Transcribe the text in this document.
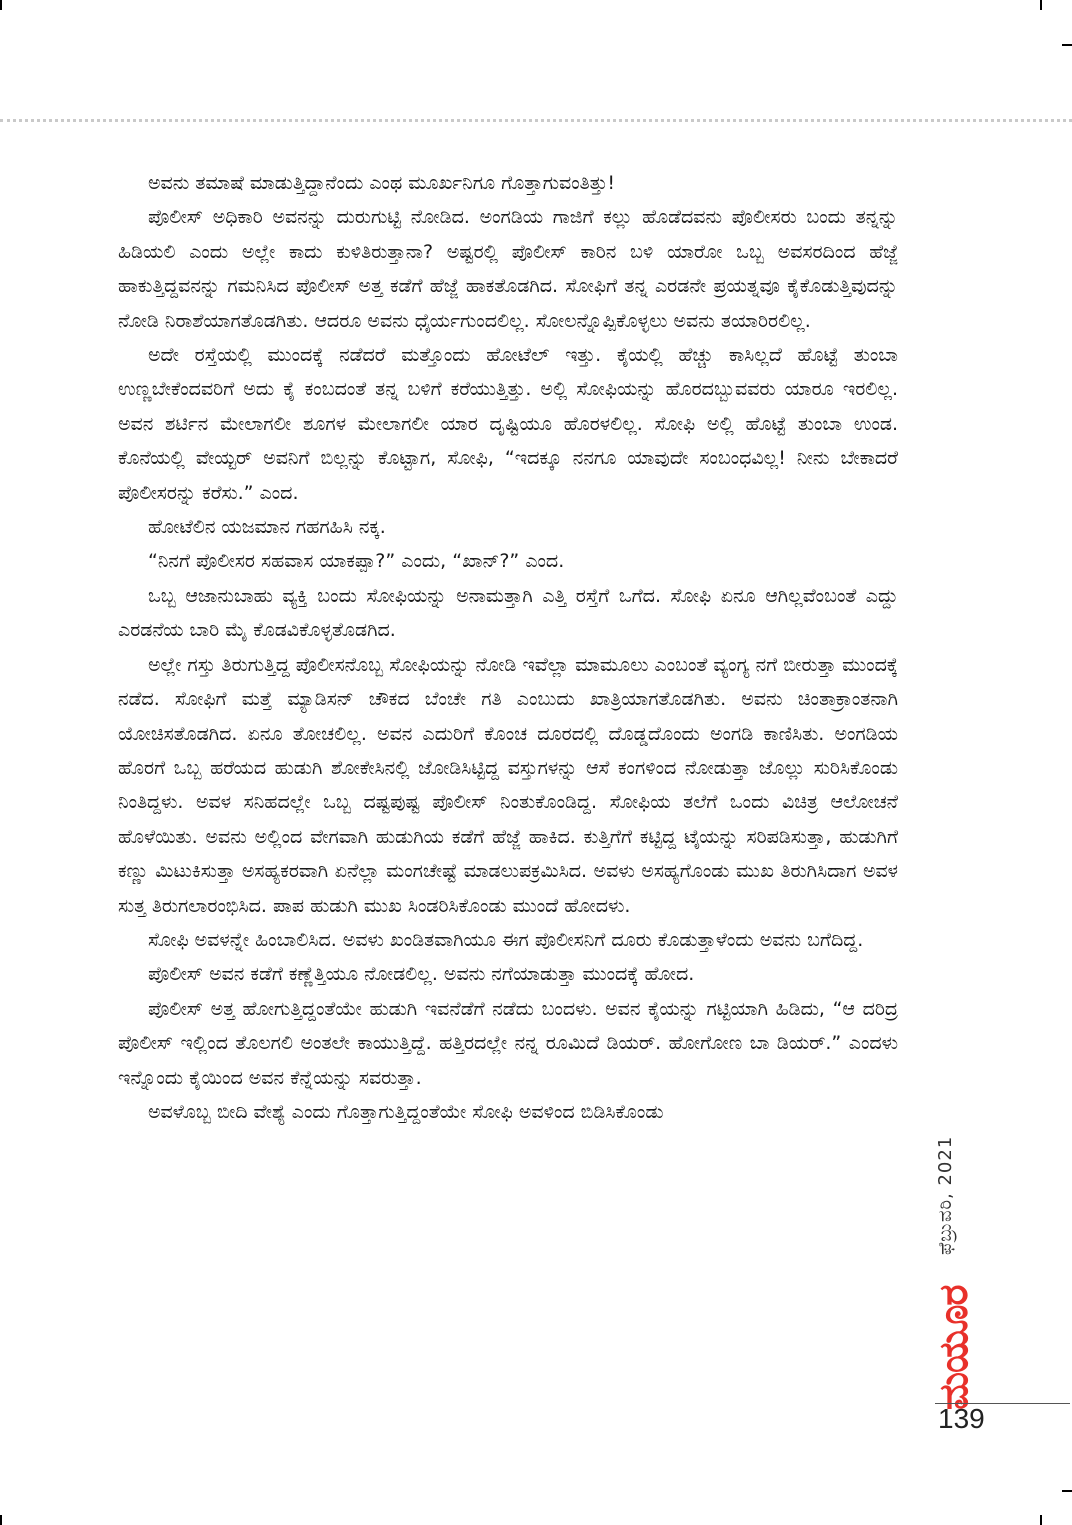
ಅವನು ತಮಾಷೆ ಮಾಡುತ್ತಿದ್ದಾನೆಂದು ಎಂಥ ಮೂರ್ಖನಿಗೂ ಗೊತ್ತಾಗುವಂತಿತ್ತು!

ಪೊಲೀಸ್ ಅಧಿಕಾರಿ ಅವನನ್ನು ದುರುಗುಟ್ಟಿ ನೋಡಿದ. ಅಂಗಡಿಯ ಗಾಜಿಗೆ ಕಲ್ಲು ಹೊಡೆದವನು ಪೊಲೀಸರು ಬಂದು ತನ್ನನ್ನು ಹಿಡಿಯಲಿ ಎಂದು ಅಲ್ಲೇ ಕಾದು ಕುಳಿತಿರುತ್ತಾನಾ? ಅಷ್ಟರಲ್ಲಿ ಪೊಲೀಸ್ ಕಾರಿನ ಬಳಿ ಯಾರೋ ಒಬ್ಬ ಅವಸರದಿಂದ ಹೆಜ್ಜೆ ಹಾಕುತ್ತಿದ್ದವನನ್ನು ಗಮನಿಸಿದ ಪೊಲೀಸ್ ಅತ್ತ ಕಡೆಗೆ ಹೆಜ್ಜೆ ಹಾಕತೊಡಗಿದ. ಸೋಫಿಗೆ ತನ್ನ ಎರಡನೇ ಪ್ರಯತ್ನವೂ ಕೈಕೊಡುತ್ತಿವುದನ್ನು ನೋಡಿ ನಿರಾಶೆಯಾಗತೊಡಗಿತು. ಆದರೂ ಅವನು ಧೈರ್ಯಗುಂದಲಿಲ್ಲ. ಸೋಲನ್ನೊಪ್ಪಿಕೊಳ್ಳಲು ಅವನು ತಯಾರಿರಲಿಲ್ಲ.

ಅದೇ ರಸ್ತೆಯಲ್ಲಿ ಮುಂದಕ್ಕೆ ನಡೆದರೆ ಮತ್ತೊಂದು ಹೋಟೆಲ್ ಇತ್ತು. ಕೈಯಲ್ಲಿ ಹೆಚ್ಚು ಕಾಸಿಲ್ಲದೆ ಹೊಟ್ಟೆ ತುಂಬಾ ಉಣ್ಣಬೇಕೆಂದವರಿಗೆ ಅದು ಕೈ ಕಂಬದಂತೆ ತನ್ನ ಬಳಿಗೆ ಕರೆಯುತ್ತಿತ್ತು. ಅಲ್ಲಿ ಸೋಫಿಯನ್ನು ಹೊರದಬ್ಬುವವರು ಯಾರೂ ಇರಲಿಲ್ಲ. ಅವನ ಶರ್ಟಿನ ಮೇಲಾಗಲೀ ಶೂಗಳ ಮೇಲಾಗಲೀ ಯಾರ ದೃಷ್ಟಿಯೂ ಹೊರಳಲಿಲ್ಲ. ಸೋಫಿ ಅಲ್ಲಿ ಹೊಟ್ಟೆ ತುಂಬಾ ಉಂಡ. ಕೊನೆಯಲ್ಲಿ ವೇಯ್ಟರ್ ಅವನಿಗೆ ಬಿಲ್ಲನ್ನು ಕೊಟ್ಟಾಗ, ಸೋಫಿ, “ಇದಕ್ಕೂ ನನಗೂ ಯಾವುದೇ ಸಂಬಂಧವಿಲ್ಲ! ನೀನು ಬೇಕಾದರೆ ಪೊಲೀಸರನ್ನು ಕರೆಸು.” ಎಂದ.

ಹೋಟೆಲಿನ ಯಜಮಾನ ಗಹಗಹಿಸಿ ನಕ್ಕ.

“ನಿನಗೆ ಪೊಲೀಸರ ಸಹವಾಸ ಯಾಕಪ್ಪಾ?” ಎಂದು, “ಖಾನ್?” ಎಂದ.

ಒಬ್ಬ ಆಜಾನುಬಾಹು ವ್ಯಕ್ತಿ ಬಂದು ಸೋಫಿಯನ್ನು ಅನಾಮತ್ತಾಗಿ ಎತ್ತಿ ರಸ್ತೆಗೆ ಒಗೆದ. ಸೋಫಿ ಏನೂ ಆಗಿಲ್ಲವೆಂಬಂತೆ ಎದ್ದು ಎರಡನೆಯ ಬಾರಿ ಮೈ ಕೊಡವಿಕೊಳ್ಳತೊಡಗಿದ.

ಅಲ್ಲೇ ಗಸ್ತು ತಿರುಗುತ್ತಿದ್ದ ಪೊಲೀಸನೊಬ್ಬ ಸೋಫಿಯನ್ನು ನೋಡಿ ಇವೆಲ್ಲಾ ಮಾಮೂಲು ಎಂಬಂತೆ ವ್ಯಂಗ್ಯ ನಗೆ ಬೀರುತ್ತಾ ಮುಂದಕ್ಕೆ ನಡೆದ. ಸೋಫಿಗೆ ಮತ್ತೆ ಮ್ಯಾಡಿಸನ್ ಚೌಕದ ಬೆಂಚೇ ಗತಿ ಎಂಬುದು ಖಾತ್ರಿಯಾಗತೊಡಗಿತು. ಅವನು ಚಿಂತಾಕ್ರಾಂತನಾಗಿ ಯೋಚಿಸತೊಡಗಿದ. ಏನೂ ತೋಚಲಿಲ್ಲ. ಅವನ ಎದುರಿಗೆ ಕೊಂಚ ದೂರದಲ್ಲಿ ದೊಡ್ಡದೊಂದು ಅಂಗಡಿ ಕಾಣಿಸಿತು. ಅಂಗಡಿಯ ಹೊರಗೆ ಒಬ್ಬ ಹರೆಯದ ಹುಡುಗಿ ಶೋಕೇಸಿನಲ್ಲಿ ಜೋಡಿಸಿಟ್ಟಿದ್ದ ವಸ್ತುಗಳನ್ನು ಆಸೆ ಕಂಗಳಿಂದ ನೋಡುತ್ತಾ ಜೊಲ್ಲು ಸುರಿಸಿಕೊಂಡು ನಿಂತಿದ್ದಳು. ಅವಳ ಸನಿಹದಲ್ಲೇ ಒಬ್ಬ ದಷ್ಟಪುಷ್ಟ ಪೊಲೀಸ್ ನಿಂತುಕೊಂಡಿದ್ದ. ಸೋಫಿಯ ತಲೆಗೆ ಒಂದು ವಿಚಿತ್ರ ಆಲೋಚನೆ ಹೊಳೆಯಿತು. ಅವನು ಅಲ್ಲಿಂದ ವೇಗವಾಗಿ ಹುಡುಗಿಯ ಕಡೆಗೆ ಹೆಜ್ಜೆ ಹಾಕಿದ. ಕುತ್ತಿಗೆಗೆ ಕಟ್ಟಿದ್ದ ಟೈಯನ್ನು ಸರಿಪಡಿಸುತ್ತಾ, ಹುಡುಗಿಗೆ ಕಣ್ಣು ಮಿಟುಕಿಸುತ್ತಾ ಅಸಹ್ಯಕರವಾಗಿ ಏನೆಲ್ಲಾ ಮಂಗಚೇಷ್ಟೆ ಮಾಡಲುಪಕ್ರಮಿಸಿದ. ಅವಳು ಅಸಹ್ಯಗೊಂಡು ಮುಖ ತಿರುಗಿಸಿದಾಗ ಅವಳ ಸುತ್ತ ತಿರುಗಲಾರಂಭಿಸಿದ. ಪಾಪ ಹುಡುಗಿ ಮುಖ ಸಿಂಡರಿಸಿಕೊಂಡು ಮುಂದೆ ಹೋದಳು.

ಸೋಫಿ ಅವಳನ್ನೇ ಹಿಂಬಾಲಿಸಿದ. ಅವಳು ಖಂಡಿತವಾಗಿಯೂ ಈಗ ಪೊಲೀಸನಿಗೆ ದೂರು ಕೊಡುತ್ತಾಳೆಂದು ಅವನು ಬಗೆದಿದ್ದ.

ಪೊಲೀಸ್ ಅವನ ಕಡೆಗೆ ಕಣ್ಣೆತ್ತಿಯೂ ನೋಡಲಿಲ್ಲ. ಅವನು ನಗೆಯಾಡುತ್ತಾ ಮುಂದಕ್ಕೆ ಹೋದ.

ಪೊಲೀಸ್ ಅತ್ತ ಹೋಗುತ್ತಿದ್ದಂತೆಯೇ ಹುಡುಗಿ ಇವನೆಡೆಗೆ ನಡೆದು ಬಂದಳು. ಅವನ ಕೈಯನ್ನು ಗಟ್ಟಿಯಾಗಿ ಹಿಡಿದು, “ಆ ದರಿದ್ರ ಪೊಲೀಸ್ ಇಲ್ಲಿಂದ ತೊಲಗಲಿ ಅಂತಲೇ ಕಾಯುತ್ತಿದ್ದೆ. ಹತ್ತಿರದಲ್ಲೇ ನನ್ನ ರೂಮಿದೆ ಡಿಯರ್. ಹೋಗೋಣ ಬಾ ಡಿಯರ್.” ಎಂದಳು ಇನ್ನೊಂದು ಕೈಯಿಂದ ಅವನ ಕೆನ್ನೆಯನ್ನು ಸವರುತ್ತಾ.

ಅವಳೊಬ್ಬ ಬೀದಿ ವೇಶ್ಯೆ ಎಂದು ಗೊತ್ತಾಗುತ್ತಿದ್ದಂತೆಯೇ ಸೋಫಿ ಅವಳಿಂದ ಬಿಡಿಸಿಕೊಂಡು

ಫೆಬ್ರುವರಿ, 2021
ಮಯೂರ
139
